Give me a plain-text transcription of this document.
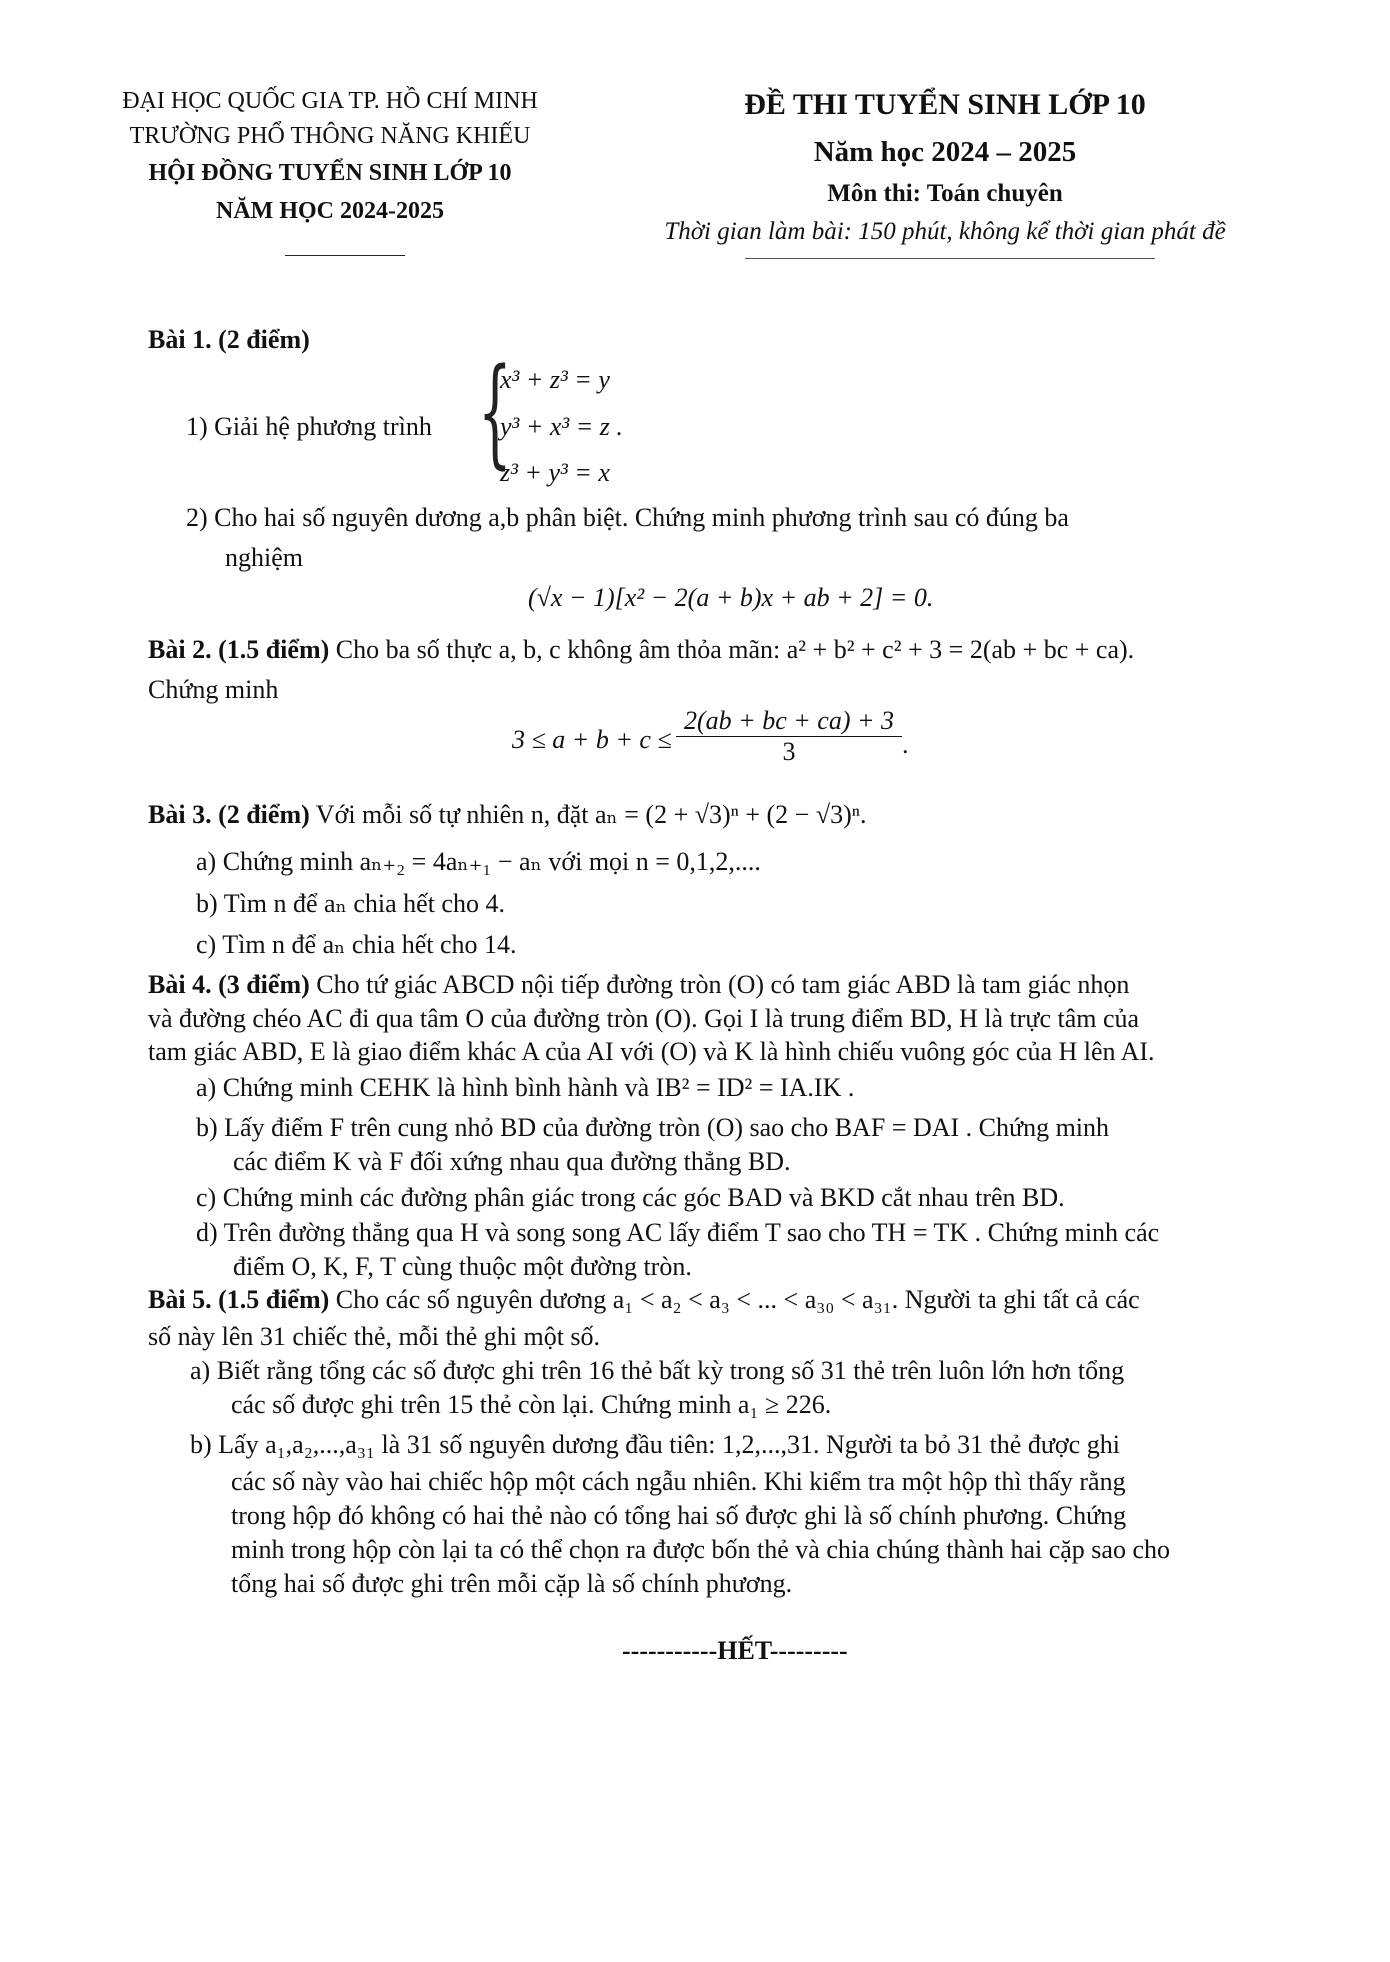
ĐẠI HỌC QUỐC GIA TP. HỒ CHÍ MINH
TRƯỜNG PHỔ THÔNG NĂNG KHIẾU
HỘI ĐỒNG TUYỂN SINH LỚP 10
NĂM HỌC 2024-2025
ĐỀ THI TUYỂN SINH LỚP 10
Năm học 2024 – 2025
Môn thi: Toán chuyên
Thời gian làm bài: 150 phút, không kể thời gian phát đề
Bài 1. (2 điểm)
1) Giải hệ phương trình {
x³ + z³ = y
y³ + x³ = z .
z³ + y³ = x
2) Cho hai số nguyên dương a,b phân biệt. Chứng minh phương trình sau có đúng ba
nghiệm
(√x − 1)[x² − 2(a + b)x + ab + 2] = 0.
Bài 2. (1.5 điểm) Cho ba số thực a, b, c không âm thỏa mãn: a² + b² + c² + 3 = 2(ab + bc + ca).
Chứng minh
$3 \le a + b + c \le \frac{2(ab + bc + ca) + 3}{3}$ .
Bài 3. (2 điểm) Với mỗi số tự nhiên n, đặt aₙ = (2 + √3)ⁿ + (2 − √3)ⁿ.
a) Chứng minh aₙ₊₂ = 4aₙ₊₁ − aₙ với mọi n = 0,1,2,....
b) Tìm n để aₙ chia hết cho 4.
c) Tìm n để aₙ chia hết cho 14.
Bài 4. (3 điểm) Cho tứ giác ABCD nội tiếp đường tròn (O) có tam giác ABD là tam giác nhọn
và đường chéo AC đi qua tâm O của đường tròn (O). Gọi I là trung điểm BD, H là trực tâm của
tam giác ABD, E là giao điểm khác A của AI với (O) và K là hình chiếu vuông góc của H lên AI.
a) Chứng minh CEHK là hình bình hành và IB² = ID² = IA.IK .
b) Lấy điểm F trên cung nhỏ BD của đường tròn (O) sao cho BAF = DAI . Chứng minh
các điểm K và F đối xứng nhau qua đường thẳng BD.
c) Chứng minh các đường phân giác trong các góc BAD và BKD cắt nhau trên BD.
d) Trên đường thẳng qua H và song song AC lấy điểm T sao cho TH = TK . Chứng minh các
điểm O, K, F, T cùng thuộc một đường tròn.
Bài 5. (1.5 điểm) Cho các số nguyên dương a₁ < a₂ < a₃ < ... < a₃₀ < a₃₁. Người ta ghi tất cả các
số này lên 31 chiếc thẻ, mỗi thẻ ghi một số.
a) Biết rằng tổng các số được ghi trên 16 thẻ bất kỳ trong số 31 thẻ trên luôn lớn hơn tổng
các số được ghi trên 15 thẻ còn lại. Chứng minh a₁ ≥ 226.
b) Lấy a₁,a₂,...,a₃₁ là 31 số nguyên dương đầu tiên: 1,2,...,31. Người ta bỏ 31 thẻ được ghi
các số này vào hai chiếc hộp một cách ngẫu nhiên. Khi kiểm tra một hộp thì thấy rằng
trong hộp đó không có hai thẻ nào có tổng hai số được ghi là số chính phương. Chứng
minh trong hộp còn lại ta có thể chọn ra được bốn thẻ và chia chúng thành hai cặp sao cho
tổng hai số được ghi trên mỗi cặp là số chính phương.
-----------HẾT---------
